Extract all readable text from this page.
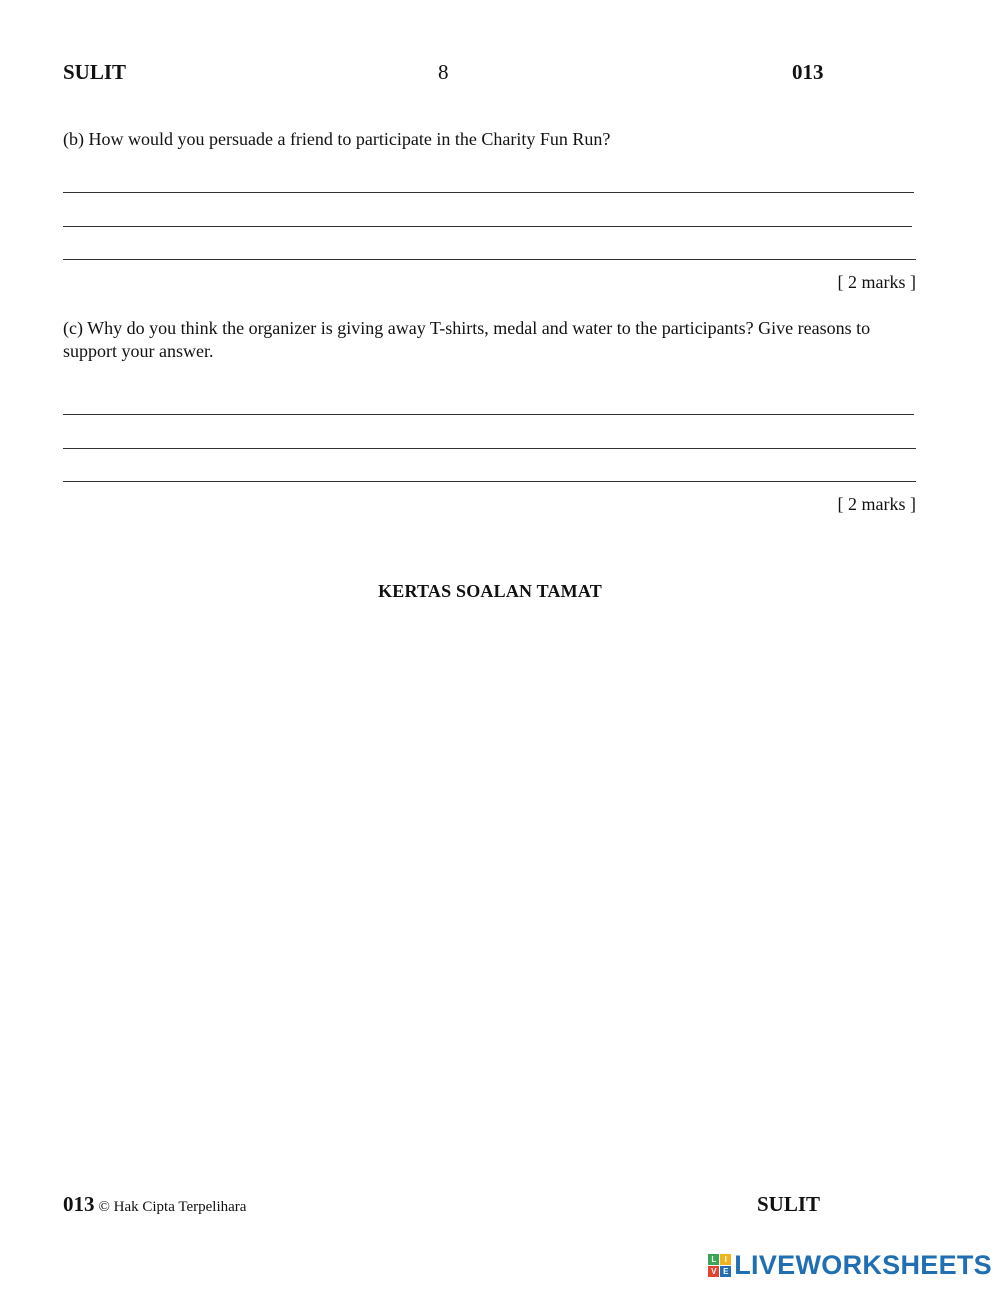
SULIT	8	013
(b) How would you persuade a friend to participate in the Charity Fun Run?
[ 2 marks ]
(c) Why do you think the organizer is giving away T-shirts, medal and water to the participants? Give reasons to support your answer.
[ 2 marks ]
KERTAS SOALAN TAMAT
013 © Hak Cipta Terpelihara	SULIT
L	I
V E LIVEWORKSHEETS
